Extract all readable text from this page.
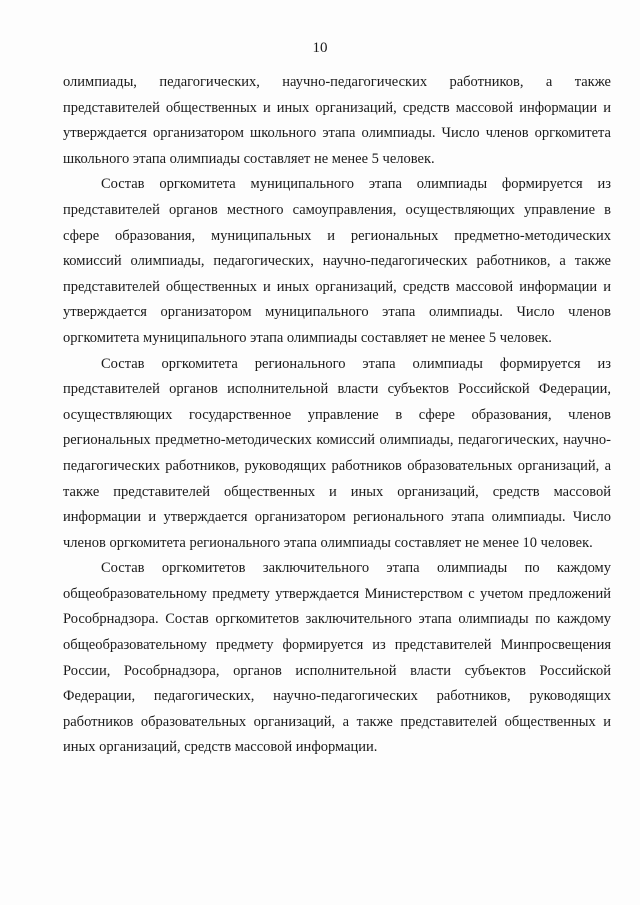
10

олимпиады, педагогических, научно-педагогических работников, а также представителей общественных и иных организаций, средств массовой информации и утверждается организатором школьного этапа олимпиады. Число членов оргкомитета школьного этапа олимпиады составляет не менее 5 человек.

Состав оргкомитета муниципального этапа олимпиады формируется из представителей органов местного самоуправления, осуществляющих управление в сфере образования, муниципальных и региональных предметно-методических комиссий олимпиады, педагогических, научно-педагогических работников, а также представителей общественных и иных организаций, средств массовой информации и утверждается организатором муниципального этапа олимпиады. Число членов оргкомитета муниципального этапа олимпиады составляет не менее 5 человек.

Состав оргкомитета регионального этапа олимпиады формируется из представителей органов исполнительной власти субъектов Российской Федерации, осуществляющих государственное управление в сфере образования, членов региональных предметно-методических комиссий олимпиады, педагогических, научно-педагогических работников, руководящих работников образовательных организаций, а также представителей общественных и иных организаций, средств массовой информации и утверждается организатором регионального этапа олимпиады. Число членов оргкомитета регионального этапа олимпиады составляет не менее 10 человек.

Состав оргкомитетов заключительного этапа олимпиады по каждому общеобразовательному предмету утверждается Министерством с учетом предложений Рособрнадзора. Состав оргкомитетов заключительного этапа олимпиады по каждому общеобразовательному предмету формируется из представителей Минпросвещения России, Рособрнадзора, органов исполнительной власти субъектов Российской Федерации, педагогических, научно-педагогических работников, руководящих работников образовательных организаций, а также представителей общественных и иных организаций, средств массовой информации.
